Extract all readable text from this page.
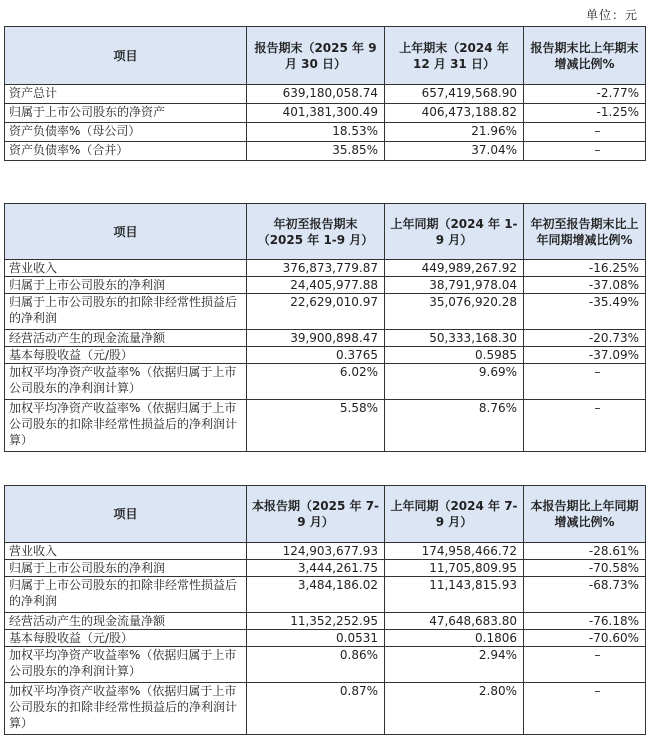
单位：元
项目	报告期末（2025 年 9 月 30 日）	上年期末（2024 年 12 月 31 日）	报告期末比上年期末增减比例%
资产总计	639,180,058.74	657,419,568.90	-2.77%
归属于上市公司股东的净资产	401,381,300.49	406,473,188.82	-1.25%
资产负债率%（母公司）	18.53%	21.96%	–
资产负债率%（合并）	35.85%	37.04%	–
项目	年初至报告期末（2025 年 1-9 月）	上年同期（2024 年 1-9 月）	年初至报告期末比上年同期增减比例%
营业收入	376,873,779.87	449,989,267.92	-16.25%
归属于上市公司股东的净利润	24,405,977.88	38,791,978.04	-37.08%
归属于上市公司股东的扣除非经常性损益后的净利润	22,629,010.97	35,076,920.28	-35.49%
经营活动产生的现金流量净额	39,900,898.47	50,333,168.30	-20.73%
基本每股收益（元/股）	0.3765	0.5985	-37.09%
加权平均净资产收益率%（依据归属于上市公司股东的净利润计算）	6.02%	9.69%	–
加权平均净资产收益率%（依据归属于上市公司股东的扣除非经常性损益后的净利润计算）	5.58%	8.76%	–
项目	本报告期（2025 年 7-9 月）	上年同期（2024 年 7-9 月）	本报告期比上年同期增减比例%
营业收入	124,903,677.93	174,958,466.72	-28.61%
归属于上市公司股东的净利润	3,444,261.75	11,705,809.95	-70.58%
归属于上市公司股东的扣除非经常性损益后的净利润	3,484,186.02	11,143,815.93	-68.73%
经营活动产生的现金流量净额	11,352,252.95	47,648,683.80	-76.18%
基本每股收益（元/股）	0.0531	0.1806	-70.60%
加权平均净资产收益率%（依据归属于上市公司股东的净利润计算）	0.86%	2.94%	–
加权平均净资产收益率%（依据归属于上市公司股东的扣除非经常性损益后的净利润计算）	0.87%	2.80%	–
